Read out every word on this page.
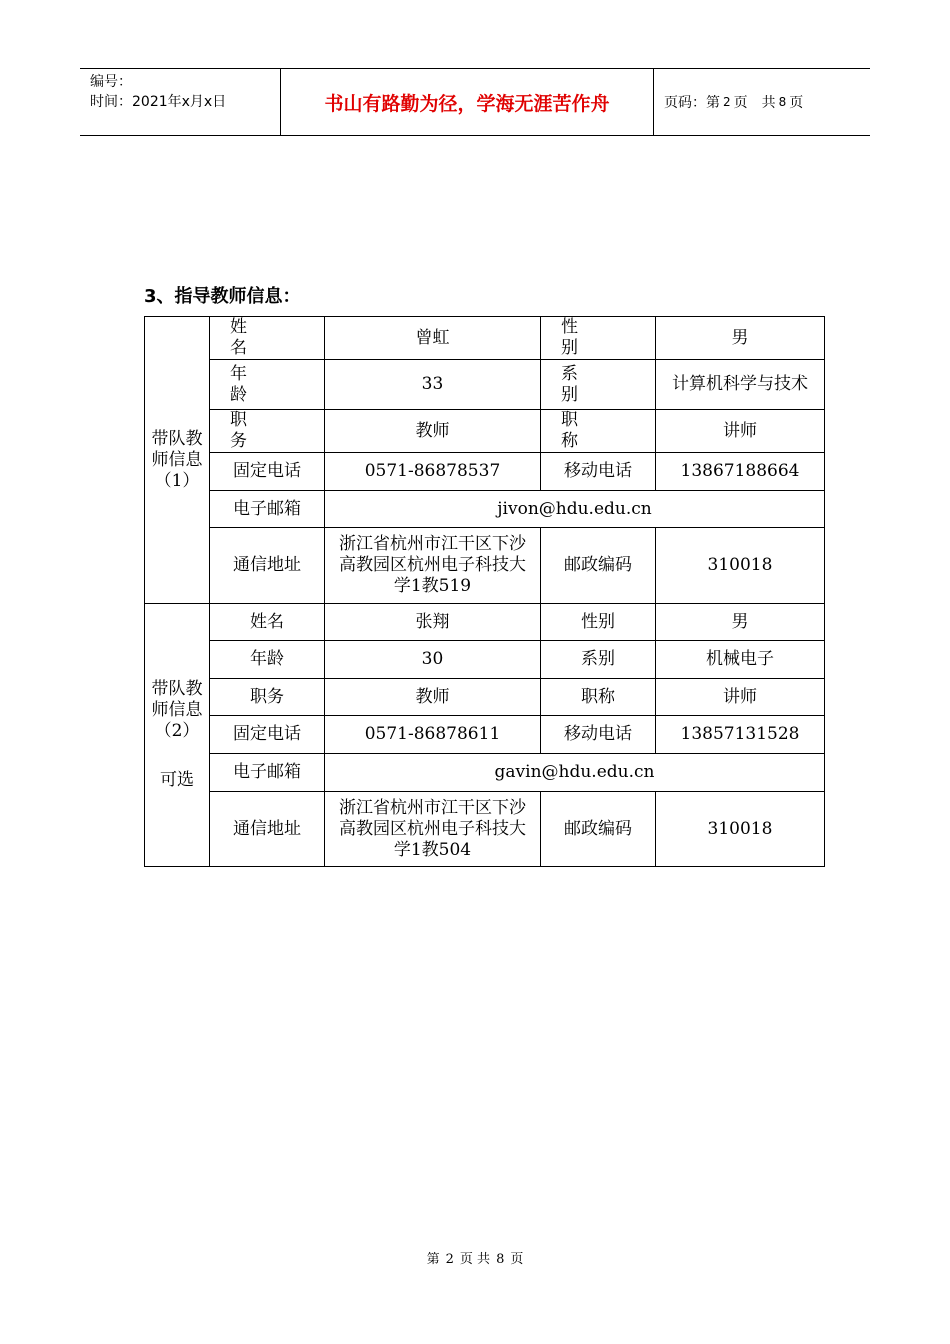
编号：
时间：2021年x月x日	书山有路勤为径，学海无涯苦作舟	页码：第 2 页　共 8 页
3、指导教师信息：
带队教师信息（1）	姓　　名	曾虹	性　　别	男
	年　　龄	33	系　　别	计算机科学与技术
	职　　务	教师	职　　称	讲师
	固定电话	0571-86878537	移动电话	13867188664
	电子邮箱	jivon@hdu.edu.cn		
	通信地址	浙江省杭州市江干区下沙高教园区杭州电子科技大学1教519	邮政编码	310018

带队教师信息（2）
可选	姓名	张翔	性别	男
	年龄	30	系别	机械电子
	职务	教师	职称	讲师
	固定电话	0571-86878611	移动电话	13857131528
	电子邮箱	gavin@hdu.edu.cn		
	通信地址	浙江省杭州市江干区下沙高教园区杭州电子科技大学1教504	邮政编码	310018
第 2 页 共 8 页
